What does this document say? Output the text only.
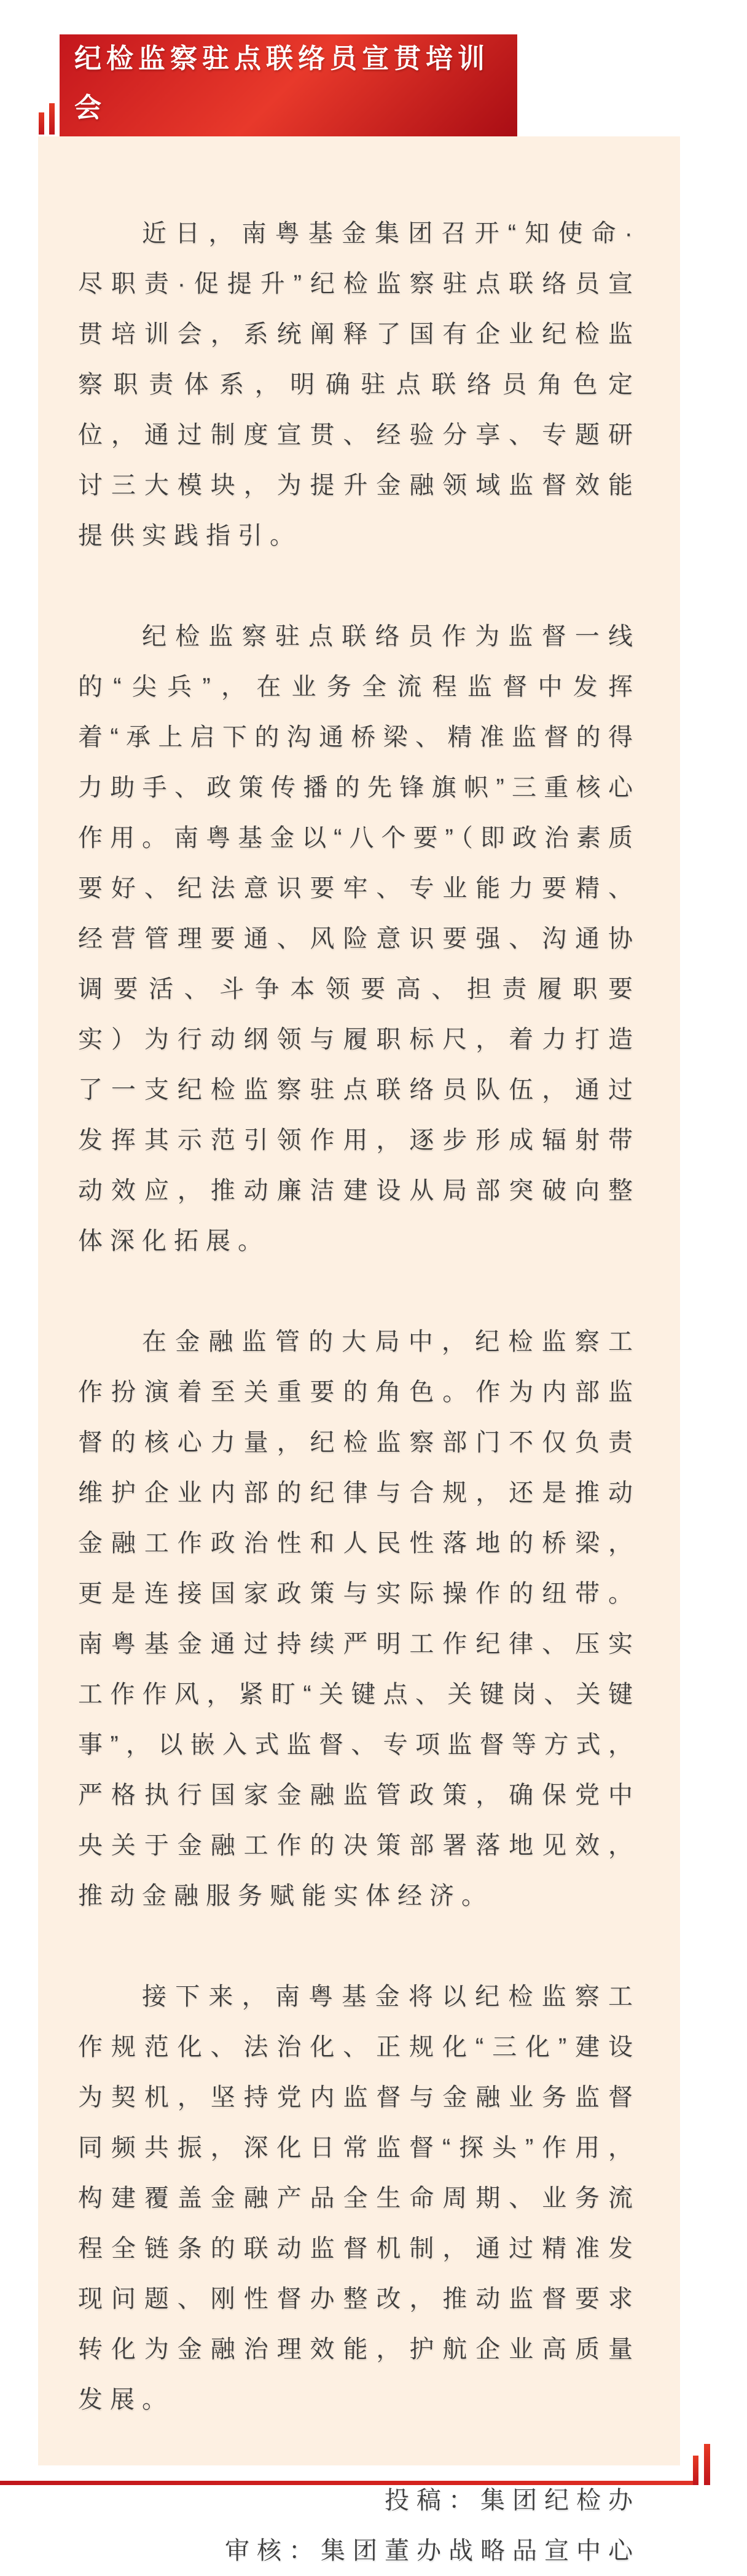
纪检监察驻点联络员宣贯培训会

近日，南粤基金集团召开“知使命·尽职责·促提升”纪检监察驻点联络员宣贯培训会，系统阐释了国有企业纪检监察职责体系，明确驻点联络员角色定位，通过制度宣贯、经验分享、专题研讨三大模块，为提升金融领域监督效能提供实践指引。

纪检监察驻点联络员作为监督一线的“尖兵”，在业务全流程监督中发挥着“承上启下的沟通桥梁、精准监督的得力助手、政策传播的先锋旗帜”三重核心作用。南粤基金以“八个要”（即政治素质要好、纪法意识要牢、专业能力要精、经营管理要通、风险意识要强、沟通协调要活、斗争本领要高、担责履职要实）为行动纲领与履职标尺，着力打造了一支纪检监察驻点联络员队伍，通过发挥其示范引领作用，逐步形成辐射带动效应，推动廉洁建设从局部突破向整体深化拓展。

在金融监管的大局中，纪检监察工作扮演着至关重要的角色。作为内部监督的核心力量，纪检监察部门不仅负责维护企业内部的纪律与合规，还是推动金融工作政治性和人民性落地的桥梁，更是连接国家政策与实际操作的纽带。南粤基金通过持续严明工作纪律、压实工作作风，紧盯“关键点、关键岗、关键事”，以嵌入式监督、专项监督等方式，严格执行国家金融监管政策，确保党中央关于金融工作的决策部署落地见效，推动金融服务赋能实体经济。

接下来，南粤基金将以纪检监察工作规范化、法治化、正规化“三化”建设为契机，坚持党内监督与金融业务监督同频共振，深化日常监督“探头”作用，构建覆盖金融产品全生命周期、业务流程全链条的联动监督机制，通过精准发现问题、刚性督办整改，推动监督要求转化为金融治理效能，护航企业高质量发展。

投稿：集团纪检办

审核：集团董办战略品宣中心
